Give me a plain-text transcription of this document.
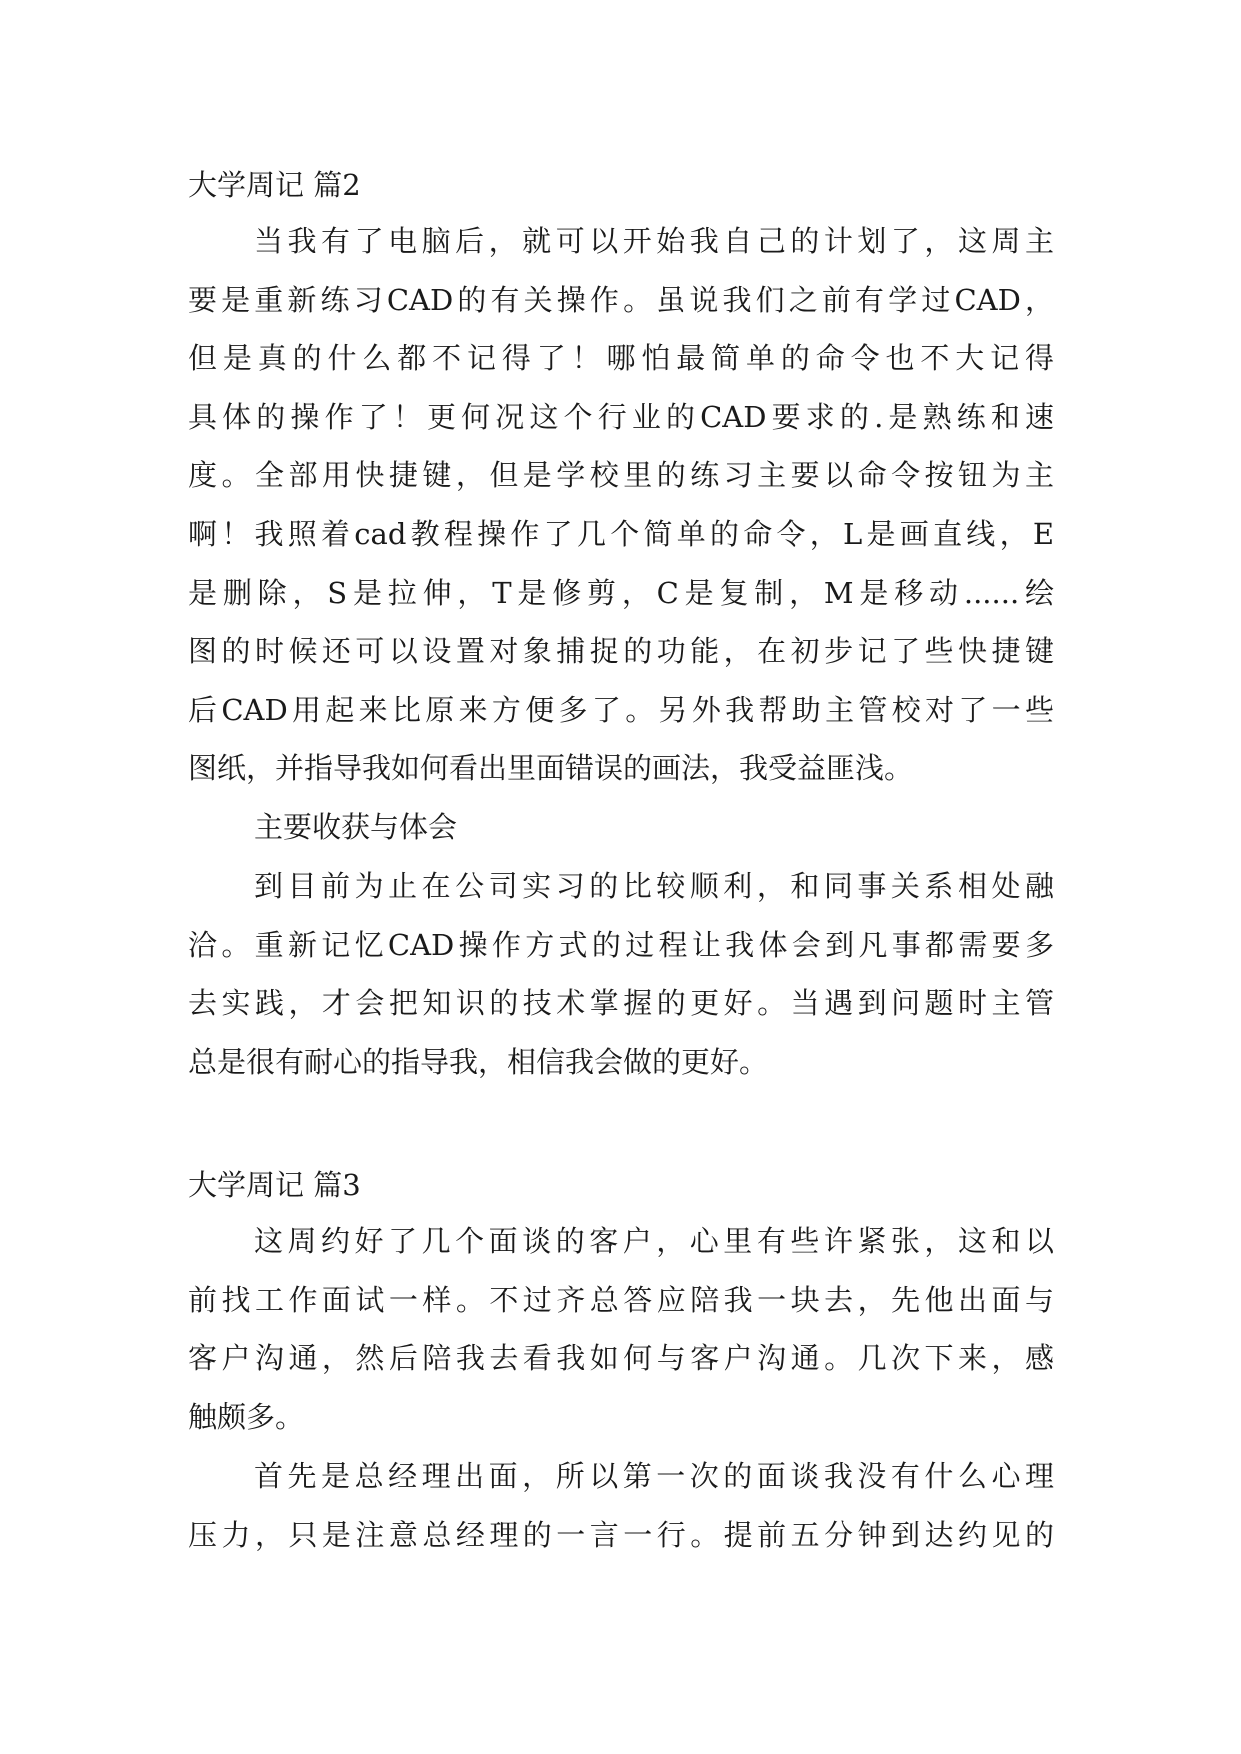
大学周记 篇2
当我有了电脑后，就可以开始我自己的计划了，这周主
要是重新练习CAD的有关操作。虽说我们之前有学过CAD，
但是真的什么都不记得了！哪怕最简单的命令也不大记得
具体的操作了！更何况这个行业的CAD要求的.是熟练和速
度。全部用快捷键，但是学校里的练习主要以命令按钮为主
啊！我照着cad教程操作了几个简单的命令，L是画直线，E
是删除，S是拉伸，T是修剪，C是复制，M是移动......绘
图的时候还可以设置对象捕捉的功能，在初步记了些快捷键
后CAD用起来比原来方便多了。另外我帮助主管校对了一些
图纸，并指导我如何看出里面错误的画法，我受益匪浅。
主要收获与体会
到目前为止在公司实习的比较顺利，和同事关系相处融
洽。重新记忆CAD操作方式的过程让我体会到凡事都需要多
去实践，才会把知识的技术掌握的更好。当遇到问题时主管
总是很有耐心的指导我，相信我会做的更好。
大学周记 篇3
这周约好了几个面谈的客户，心里有些许紧张，这和以
前找工作面试一样。不过齐总答应陪我一块去，先他出面与
客户沟通，然后陪我去看我如何与客户沟通。几次下来，感
触颇多。
首先是总经理出面，所以第一次的面谈我没有什么心理
压力，只是注意总经理的一言一行。提前五分钟到达约见的
